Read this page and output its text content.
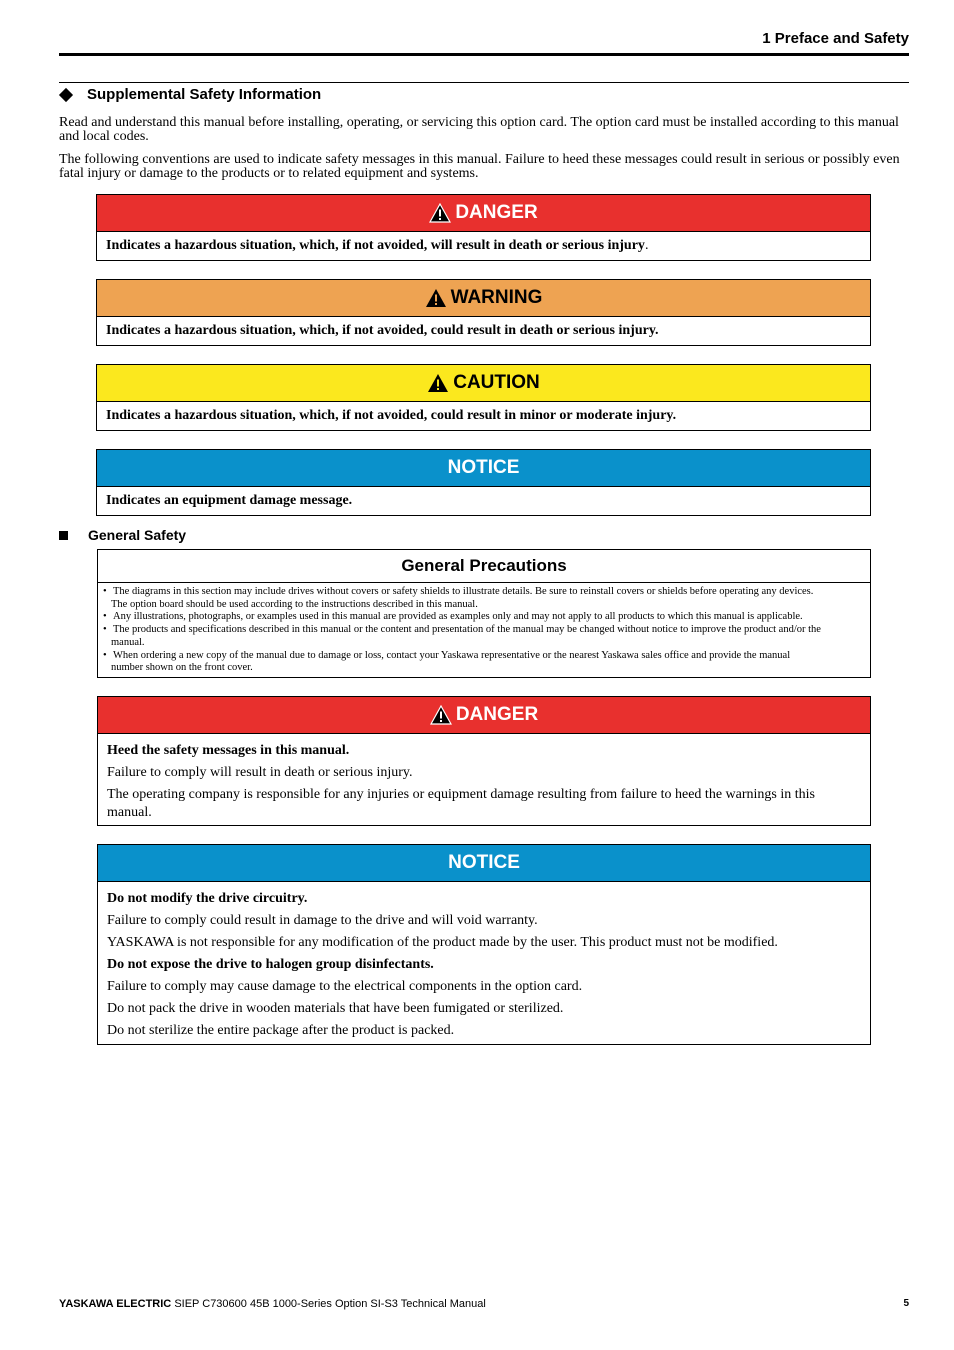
1 Preface and Safety
Supplemental Safety Information
Read and understand this manual before installing, operating, or servicing this option card. The option card must be installed according to this manual and local codes.
The following conventions are used to indicate safety messages in this manual. Failure to heed these messages could result in serious or possibly even fatal injury or damage to the products or to related equipment and systems.
DANGER
Indicates a hazardous situation, which, if not avoided, will result in death or serious injury.
WARNING
Indicates a hazardous situation, which, if not avoided, could result in death or serious injury.
CAUTION
Indicates a hazardous situation, which, if not avoided, could result in minor or moderate injury.
NOTICE
Indicates an equipment damage message.
General Safety
General Precautions
• The diagrams in this section may include drives without covers or safety shields to illustrate details. Be sure to reinstall covers or shields before operating any devices.
The option board should be used according to the instructions described in this manual.
• Any illustrations, photographs, or examples used in this manual are provided as examples only and may not apply to all products to which this manual is applicable.
• The products and specifications described in this manual or the content and presentation of the manual may be changed without notice to improve the product and/or the
manual.
• When ordering a new copy of the manual due to damage or loss, contact your Yaskawa representative or the nearest Yaskawa sales office and provide the manual
number shown on the front cover.
DANGER

Heed the safety messages in this manual.

Failure to comply will result in death or serious injury.

The operating company is responsible for any injuries or equipment damage resulting from failure to heed the warnings in this manual.

NOTICE

Do not modify the drive circuitry.

Failure to comply could result in damage to the drive and will void warranty.

YASKAWA is not responsible for any modification of the product made by the user. This product must not be modified.

Do not expose the drive to halogen group disinfectants.

Failure to comply may cause damage to the electrical components in the option card.

Do not pack the drive in wooden materials that have been fumigated or sterilized.

Do not sterilize the entire package after the product is packed.

YASKAWA ELECTRIC SIEP C730600 45B 1000-Series Option SI-S3 Technical Manual	5
